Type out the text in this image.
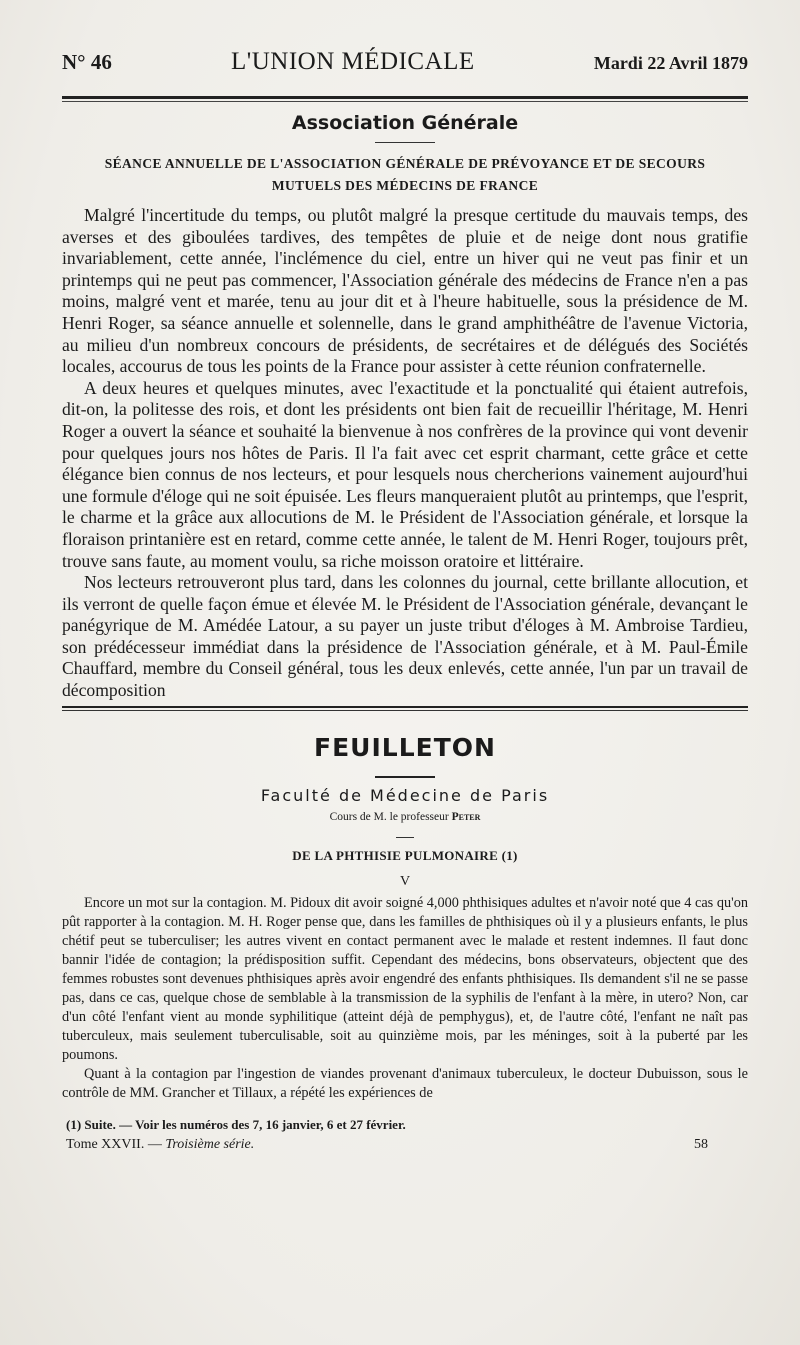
N° 46	L'UNION MÉDICALE	Mardi 22 Avril 1879
Association Générale
SÉANCE ANNUELLE DE L'ASSOCIATION GÉNÉRALE DE PRÉVOYANCE ET DE SECOURS
MUTUELS DES MÉDECINS DE FRANCE

Malgré l'incertitude du temps, ou plutôt malgré la presque certitude du mauvais temps, des averses et des giboulées tardives, des tempêtes de pluie et de neige dont nous gratifie invariablement, cette année, l'inclémence du ciel, entre un hiver qui ne veut pas finir et un printemps qui ne peut pas commencer, l'Association générale des médecins de France n'en a pas moins, malgré vent et marée, tenu au jour dit et à l'heure habituelle, sous la présidence de M. Henri Roger, sa séance annuelle et solennelle, dans le grand amphithéâtre de l'avenue Victoria, au milieu d'un nombreux concours de présidents, de secrétaires et de délégués des Sociétés locales, accourus de tous les points de la France pour assister à cette réunion confraternelle.

A deux heures et quelques minutes, avec l'exactitude et la ponctualité qui étaient autrefois, dit-on, la politesse des rois, et dont les présidents ont bien fait de recueillir l'héritage, M. Henri Roger a ouvert la séance et souhaité la bienvenue à nos confrères de la province qui vont devenir pour quelques jours nos hôtes de Paris. Il l'a fait avec cet esprit charmant, cette grâce et cette élégance bien connus de nos lecteurs, et pour lesquels nous chercherions vainement aujourd'hui une formule d'éloge qui ne soit épuisée. Les fleurs manqueraient plutôt au printemps, que l'esprit, le charme et la grâce aux allocutions de M. le Président de l'Association générale, et lorsque la floraison printanière est en retard, comme cette année, le talent de M. Henri Roger, toujours prêt, trouve sans faute, au moment voulu, sa riche moisson oratoire et littéraire.

Nos lecteurs retrouveront plus tard, dans les colonnes du journal, cette brillante allocution, et ils verront de quelle façon émue et élevée M. le Président de l'Association générale, devançant le panégyrique de M. Amédée Latour, a su payer un juste tribut d'éloges à M. Ambroise Tardieu, son prédécesseur immédiat dans la présidence de l'Association générale, et à M. Paul-Émile Chauffard, membre du Conseil général, tous les deux enlevés, cette année, l'un par un travail de décomposition

FEUILLETON
Faculté de Médecine de Paris
Cours de M. le professeur Peter
DE LA PHTHISIE PULMONAIRE (1)
V

Encore un mot sur la contagion. M. Pidoux dit avoir soigné 4,000 phthisiques adultes et n'avoir noté que 4 cas qu'on pût rapporter à la contagion. M. H. Roger pense que, dans les familles de phthisiques où il y a plusieurs enfants, le plus chétif peut se tuberculiser; les autres vivent en contact permanent avec le malade et restent indemnes. Il faut donc bannir l'idée de contagion; la prédisposition suffit. Cependant des médecins, bons observateurs, objectent que des femmes robustes sont devenues phthisiques après avoir engendré des enfants phthisiques. Ils demandent s'il ne se passe pas, dans ce cas, quelque chose de semblable à la transmission de la syphilis de l'enfant à la mère, in utero? Non, car d'un côté l'enfant vient au monde syphilitique (atteint déjà de pemphygus), et, de l'autre côté, l'enfant ne naît pas tuberculeux, mais seulement tuberculisable, soit au quinzième mois, par les méninges, soit à la puberté par les poumons.

Quant à la contagion par l'ingestion de viandes provenant d'animaux tuberculeux, le docteur Dubuisson, sous le contrôle de MM. Grancher et Tillaux, a répété les expériences de

(1) Suite. — Voir les numéros des 7, 16 janvier, 6 et 27 février.
Tome XXVII. — Troisième série.	58
